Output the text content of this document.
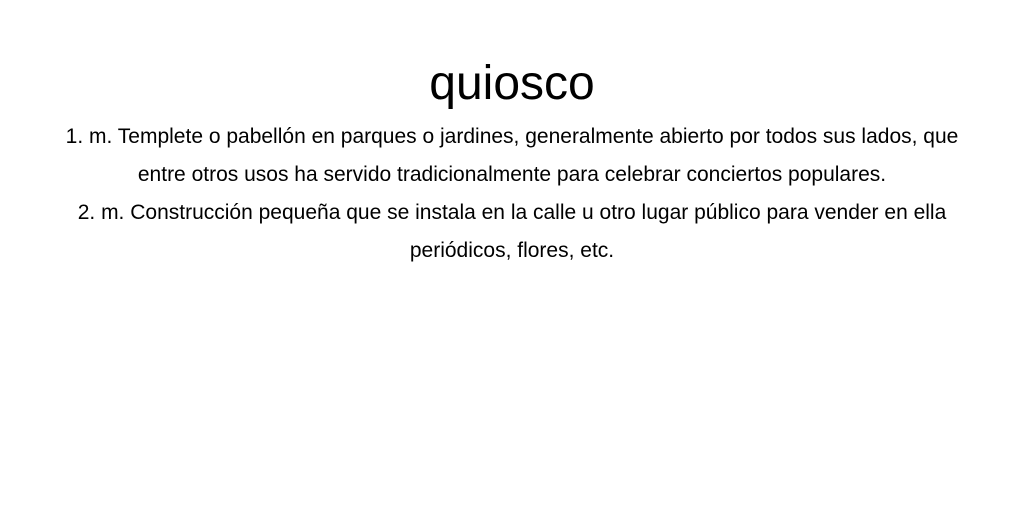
quiosco

1. m. Templete o pabellón en parques o jardines, generalmente abierto por todos sus lados, que entre otros usos ha servido tradicionalmente para celebrar conciertos populares.

2. m. Construcción pequeña que se instala en la calle u otro lugar público para vender en ella periódicos, flores, etc.
